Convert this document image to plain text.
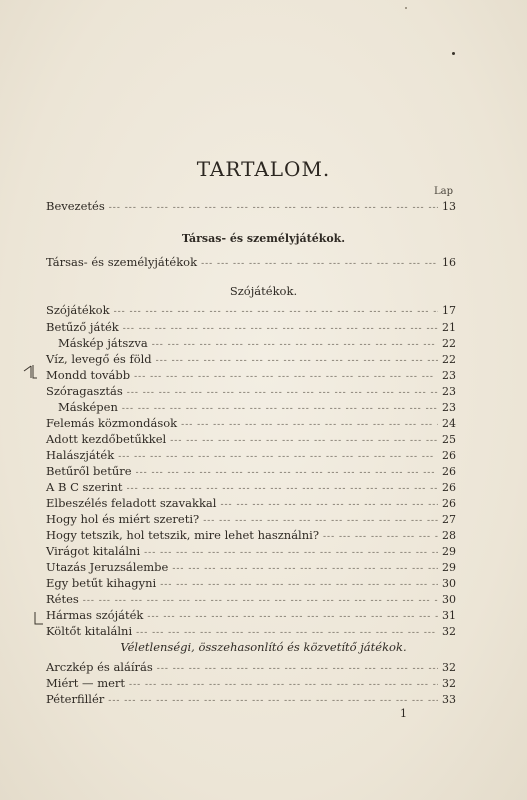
TARTALOM.
Lap
Bevezetés --- -	13
Társas- és személyjátékok.
Társas- és személyjátékok --- -	16
Szójátékok.
Szójátékok --- -	17
Betűző játék --- -	21
Máskép játszva --- -	22
Víz, levegő és föld --- -	22
Mondd tovább --- -	23
Szóragasztás --- -	23
Másképen --- -	23
Felemás közmondások --- -	24
Adott kezdőbetűkkel --- -	25
Halászjáték --- -	26
Betűről betűre --- -	26
A B C szerint --- -	26
Elbeszélés feladott szavakkal --- -	26
Hogy hol és miért szereti? --- -	27
Hogy tetszik, hol tetszik, mire lehet használni? --- -	28
Virágot kitalálni --- -	29
Utazás Jeruzsálembe --- -	29
Egy betűt kihagyni --- -	30
Rétes --- -	30
Hármas szójáték --- -	31
Költőt kitalálni --- -	32
Véletlenségi, összehasonlító és közvetítő játékok.
Arczkép és aláírás --- -	32
Miért — mert --- -	32
Péterfillér --- -	33
1
